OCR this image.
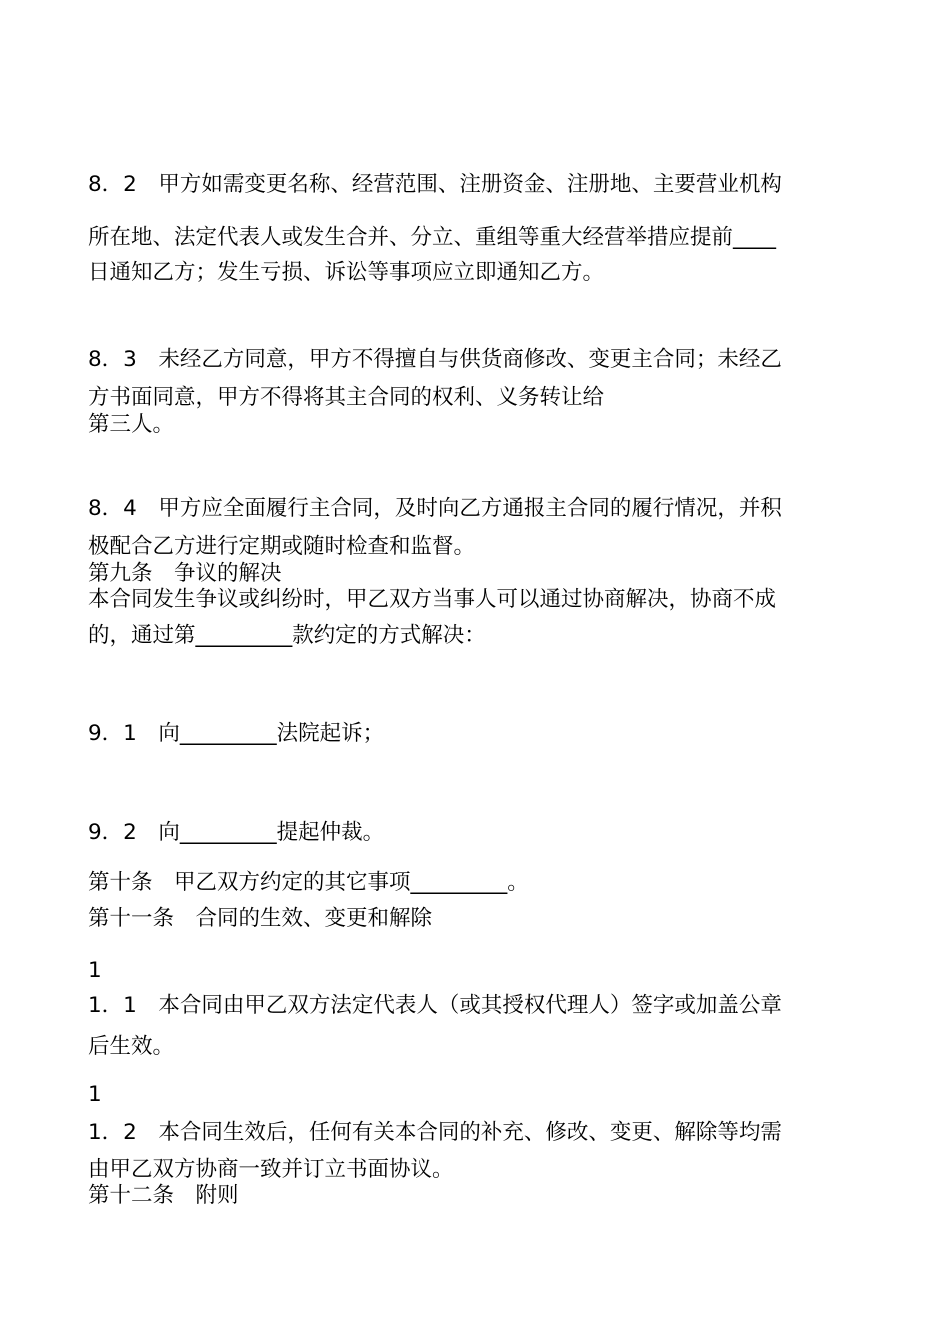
8．2　甲方如需变更名称、经营范围、注册资金、注册地、主要营业机构
所在地、法定代表人或发生合并、分立、重组等重大经营举措应提前____
日通知乙方；发生亏损、诉讼等事项应立即通知乙方。
8．3　未经乙方同意，甲方不得擅自与供货商修改、变更主合同；未经乙
方书面同意，甲方不得将其主合同的权利、义务转让给
第三人。
8．4　甲方应全面履行主合同，及时向乙方通报主合同的履行情况，并积
极配合乙方进行定期或随时检查和监督。
第九条　争议的解决
本合同发生争议或纠纷时，甲乙双方当事人可以通过协商解决，协商不成
的，通过第_________款约定的方式解决：
9．1　向_________法院起诉；
9．2　向_________提起仲裁。
第十条　甲乙双方约定的其它事项_________。
第十一条　合同的生效、变更和解除
1
1．1　本合同由甲乙双方法定代表人（或其授权代理人）签字或加盖公章
后生效。
1
1．2　本合同生效后，任何有关本合同的补充、修改、变更、解除等均需
由甲乙双方协商一致并订立书面协议。
第十二条　附则
